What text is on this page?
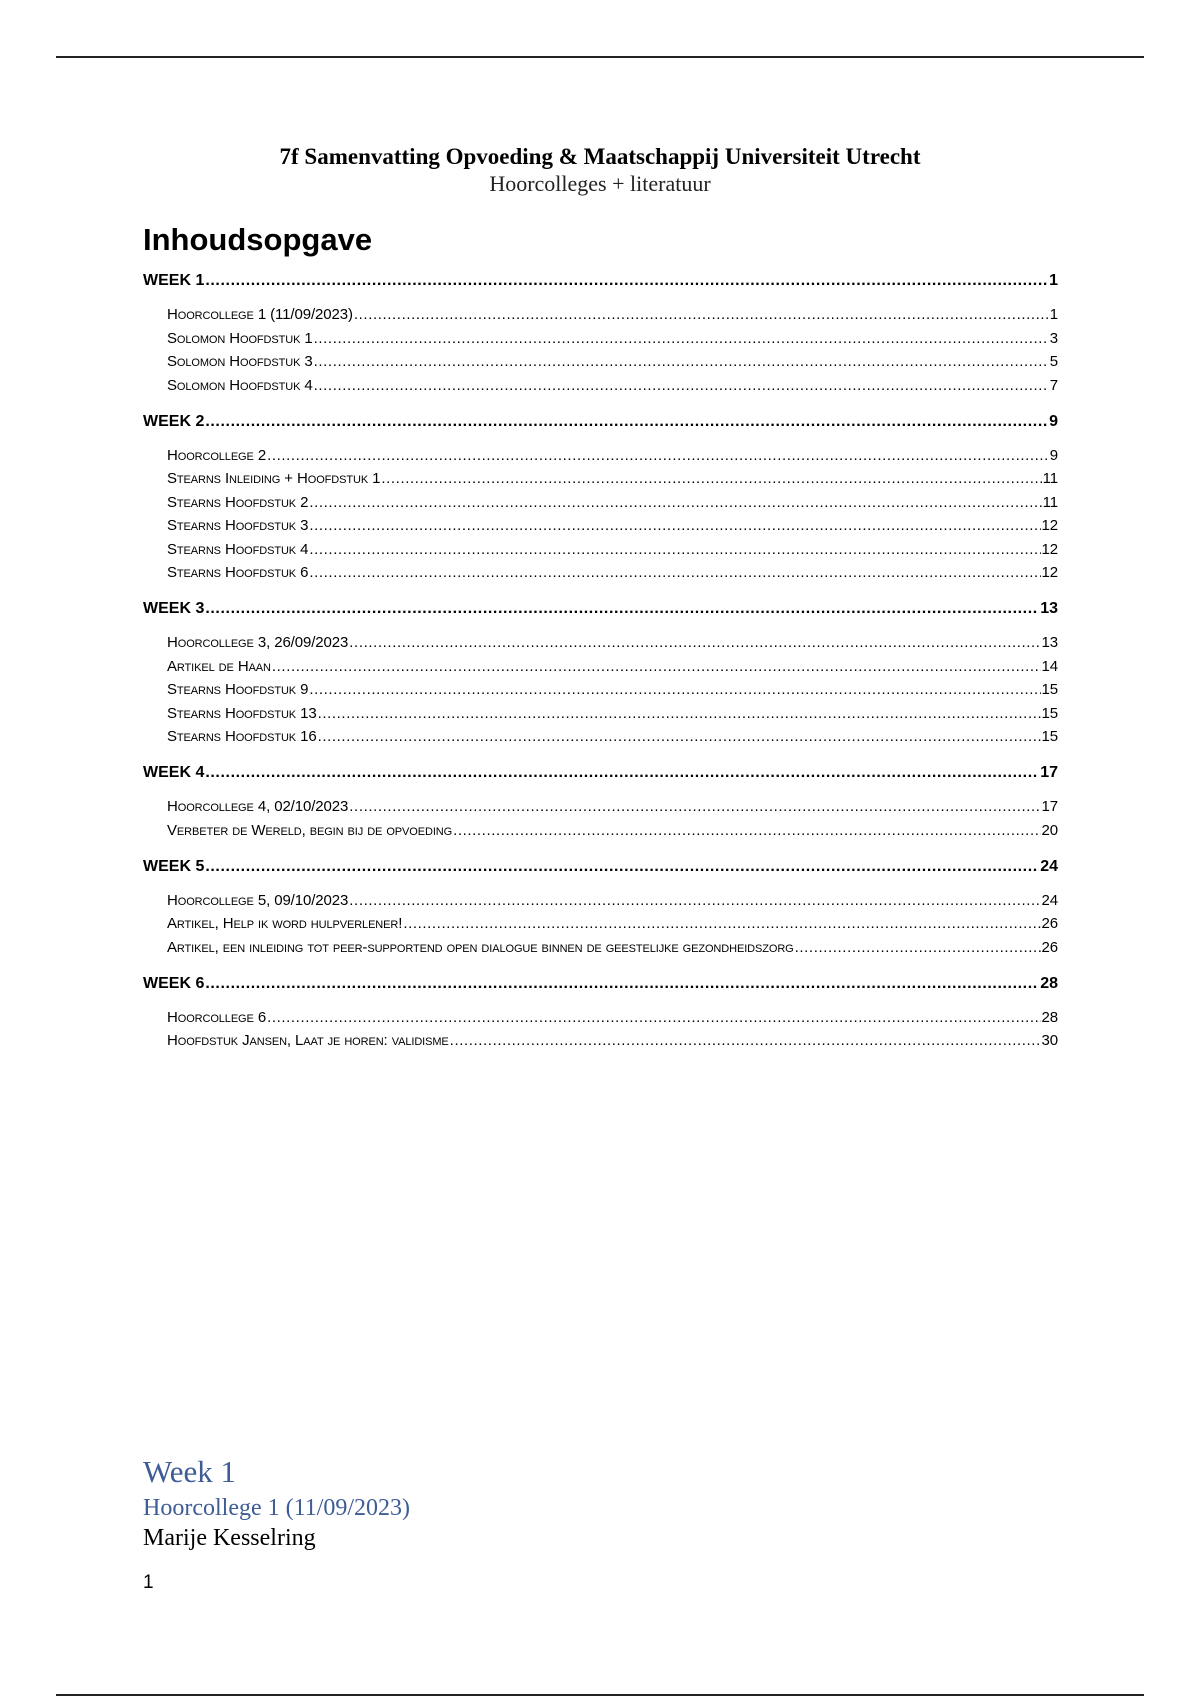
7f Samenvatting Opvoeding & Maatschappij Universiteit Utrecht
Hoorcolleges + literatuur
Inhoudsopgave
WEEK 1 .....	1
Hoorcollege 1 (11/09/2023) .....	1
Solomon Hoofdstuk 1 .....	3
Solomon Hoofdstuk 3 .....	5
Solomon Hoofdstuk 4 .....	7
WEEK 2 .....	9
Hoorcollege 2 .....	9
Stearns Inleiding + Hoofdstuk 1 .....	11
Stearns Hoofdstuk 2 .....	11
Stearns Hoofdstuk 3 .....	12
Stearns Hoofdstuk 4 .....	12
Stearns Hoofdstuk 6 .....	12
WEEK 3 .....	13
Hoorcollege 3, 26/09/2023 .....	13
Artikel de Haan .....	14
Stearns Hoofdstuk 9 .....	15
Stearns Hoofdstuk 13 .....	15
Stearns Hoofdstuk 16 .....	15
WEEK 4 .....	17
Hoorcollege 4, 02/10/2023 .....	17
Verbeter de Wereld, begin bij de opvoeding .....	20
WEEK 5 .....	24
Hoorcollege 5, 09/10/2023 .....	24
Artikel, Help ik word hulpverlener! .....	26
Artikel, een inleiding tot peer-supportend open dialogue binnen de geestelijke gezondheidszorg .....	26
WEEK 6 .....	28
Hoorcollege 6 .....	28
Hoofdstuk Jansen, Laat je horen: validisme .....	30
Week 1
Hoorcollege 1 (11/09/2023)
Marije Kesselring
1
